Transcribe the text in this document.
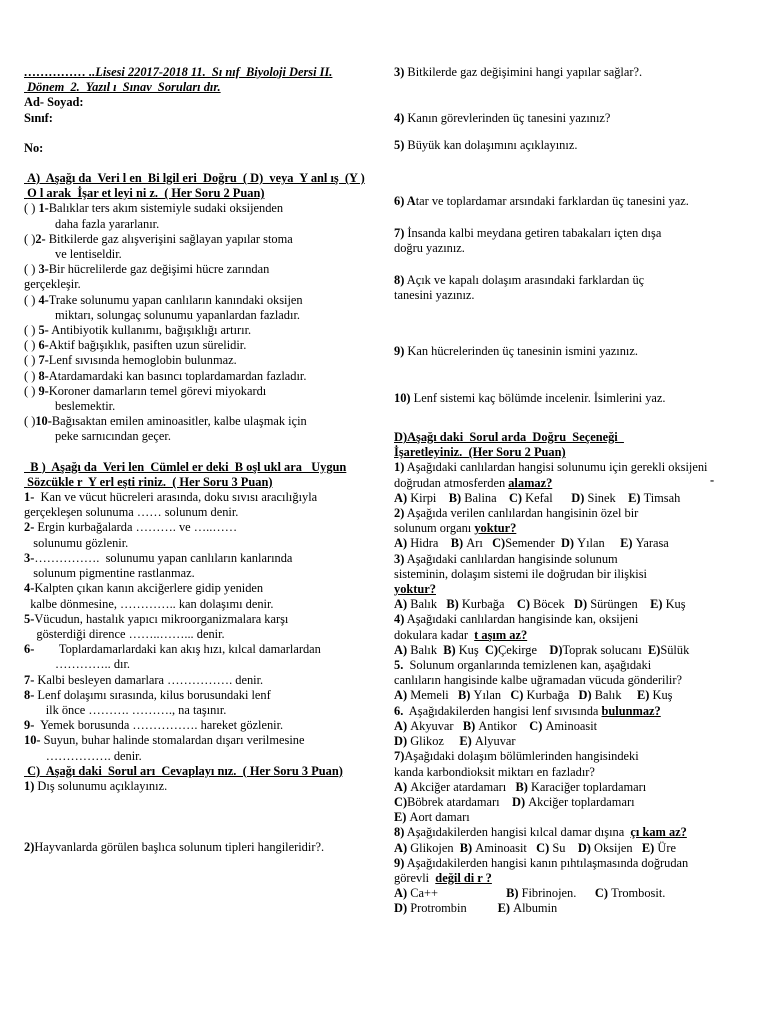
…………… ..Lisesi 22017-2018 11.  Sı nıf  Biyoloji Dersi II.
Dönem  2.  Yazıl ı  Sınav  Soruları dır.
Ad- Soyad:
Sınıf:
No:
A)  Aşağı da  Veri l en  Bi lgil eri  Doğru  ( D)  veya  Y anl ış  (Y )
O l arak  İşar et leyi ni z.  ( Her Soru 2 Puan)
( ) 1-Balıklar ters akım sistemiyle sudaki oksijenden
daha fazla yararlanır.
( )2- Bitkilerde gaz alışverişini sağlayan yapılar stoma
ve lentiseldir.
( ) 3-Bir hücrelilerde gaz değişimi hücre zarından
gerçekleşir.
( ) 4-Trake solunumu yapan canlıların kanındaki oksijen
miktarı, solungaç solunumu yapanlardan fazladır.
( ) 5- Antibiyotik kullanımı, bağışıklığı artırır.
( ) 6-Aktif bağışıklık, pasiften uzun sürelidir.
( ) 7-Lenf sıvısında hemoglobin bulunmaz.
( ) 8-Atardamardaki kan basıncı toplardamardan fazladır.
( ) 9-Koroner damarların temel görevi miyokardı
beslemektir.
( )10-Bağısaktan emilen aminoasitler, kalbe ulaşmak için
peke sarnıcından geçer.
B )  Aşağı da  Veri len  Cümlel er deki  B oşl ukl ara   Uygun
Sözcükle r  Y erl eşti riniz.  ( Her Soru 3 Puan)
1-  Kan ve vücut hücreleri arasında, doku sıvısı aracılığıyla
gerçekleşen solunuma …… solunum denir.
2- Ergin kurbağalarda ………. ve …..……
solunumu gözlenir.
3-…………….  solunumu yapan canlıların kanlarında
solunum pigmentine rastlanmaz.
4-Kalpten çıkan kanın akciğerlere gidip yeniden
kalbe dönmesine, ………….. kan dolaşımı denir.
5-Vücudun, hastalık yapıcı mikroorganizmalara karşı
gösterdiği dirence ……..……... denir.
6-        Toplardamarlardaki kan akış hızı, kılcal damarlardan
………….. dır.
7- Kalbi besleyen damarlara ……………. denir.
8- Lenf dolaşımı sırasında, kilus borusundaki lenf
ilk önce ………. ………., na taşınır.
9-  Yemek borusunda ……………. hareket gözlenir.
10- Suyun, buhar halinde stomalardan dışarı verilmesine
……………. denir.
C)  Aşağı daki  Sorul arı  Cevaplayı nız.  ( Her Soru 3 Puan)
1) Dış solunumu açıklayınız.
2)Hayvanlarda görülen başlıca solunum tipleri hangileridir?.
3) Bitkilerde gaz değişimini hangi yapılar sağlar?.
4) Kanın görevlerinden üç tanesini yazınız?
5) Büyük kan dolaşımını açıklayınız.
6) Atar ve toplardamar arsındaki farklardan üç tanesini yaz.
7) İnsanda kalbi meydana getiren tabakaları içten dışa
doğru yazınız.
8) Açık ve kapalı dolaşım arasındaki farklardan üç
tanesini yazınız.
9) Kan hücrelerinden üç tanesinin ismini yazınız.
10) Lenf sistemi kaç bölümde incelenir. İsimlerini yaz.
D)Aşağı daki  Sorul arda  Doğru  Seçeneği
İşaretleyiniz.  (Her Soru 2 Puan)
1) Aşağıdaki canlılardan hangisi solunumu için gerekli oksijeni
doğrudan atmosferden alamaz?
A) Kirpi    B) Balina    C) Kefal      D) Sinek    E) Timsah
2) Aşağıda verilen canlılardan hangisinin özel bir
solunum organı yoktur?
A) Hidra    B) Arı   C)Semender  D) Yılan     E) Yarasa
3) Aşağıdaki canlılardan hangisinde solunum
sisteminin, dolaşım sistemi ile doğrudan bir ilişkisi
yoktur?
A) Balık   B) Kurbağa    C) Böcek   D) Sürüngen    E) Kuş
4) Aşağıdaki canlılardan hangisinde kan, oksijeni
dokulara kadar  t aşım az?
A) Balık  B) Kuş  C)Çekirge    D)Toprak solucanı  E)Sülük
5.  Solunum organlarında temizlenen kan, aşağıdaki
canlıların hangisinde kalbe uğramadan vücuda gönderilir?
A) Memeli   B) Yılan   C) Kurbağa   D) Balık     E) Kuş
6.  Aşağıdakilerden hangisi lenf sıvısında bulunmaz?
A) Akyuvar   B) Antikor    C) Aminoasit
D) Glikoz     E) Alyuvar
7)Aşağıdaki dolaşım bölümlerinden hangisindeki
kanda karbondioksit miktarı en fazladır?
A) Akciğer atardamarı   B) Karaciğer toplardamarı
C)Böbrek atardamarı    D) Akciğer toplardamarı
E) Aort damarı
8) Aşağıdakilerden hangisi kılcal damar dışına  çı kam az?
A) Glikojen  B) Aminoasit   C) Su    D) Oksijen   E) Üre
9) Aşağıdakilerden hangisi kanın pıhtılaşmasında doğrudan
görevli  değil di r ?
A) Ca++                      B) Fibrinojen.      C) Trombosit.
D) Protrombin          E) Albumin
-
